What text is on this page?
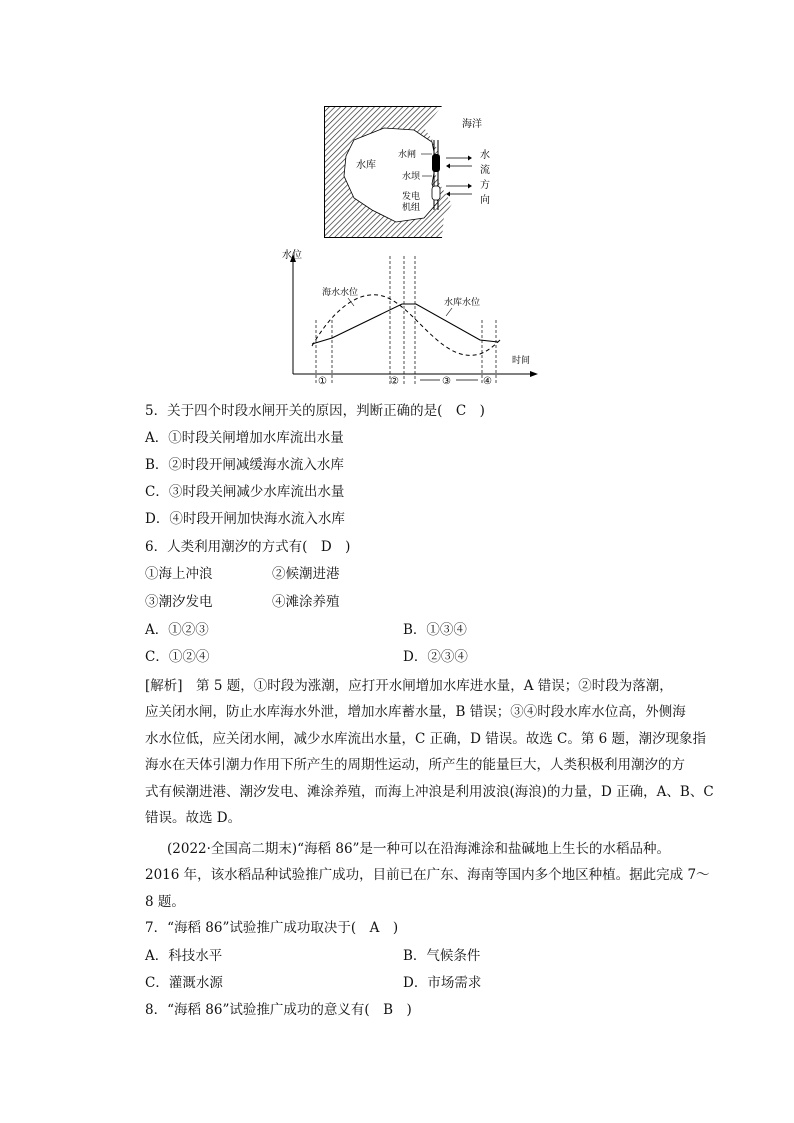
海洋
水库
水闸
水坝
发电
机组
水
流
方
向
水位
时间
海水水位
水库水位
①	②	③	④
5．关于四个时段水闸开关的原因，判断正确的是(　C　)
A．①时段关闸增加水库流出水量
B．②时段开闸减缓海水流入水库
C．③时段关闸减少水库流出水量
D．④时段开闸加快海水流入水库
6．人类利用潮汐的方式有(　D　)
①海上冲浪	②候潮进港
③潮汐发电	④滩涂养殖
A．①②③	B．①③④
C．①②④	D．②③④
[解析]　第 5 题，①时段为涨潮，应打开水闸增加水库进水量，A 错误；②时段为落潮，
应关闭水闸，防止水库海水外泄，增加水库蓄水量，B 错误；③④时段水库水位高，外侧海
水水位低，应关闭水闸，减少水库流出水量，C 正确，D 错误。故选 C。第 6 题，潮汐现象指
海水在天体引潮力作用下所产生的周期性运动，所产生的能量巨大，人类积极利用潮汐的方
式有候潮进港、潮汐发电、滩涂养殖，而海上冲浪是利用波浪(海浪)的力量，D 正确，A、B、C
错误。故选 D。
(2022·全国高二期末)“海稻 86”是一种可以在沿海滩涂和盐碱地上生长的水稻品种。
2016 年，该水稻品种试验推广成功，目前已在广东、海南等国内多个地区种植。据此完成 7～
8 题。
7．“海稻 86”试验推广成功取决于(　A　)
A．科技水平	B．气候条件
C．灌溉水源	D．市场需求
8．“海稻 86”试验推广成功的意义有(　B　)
